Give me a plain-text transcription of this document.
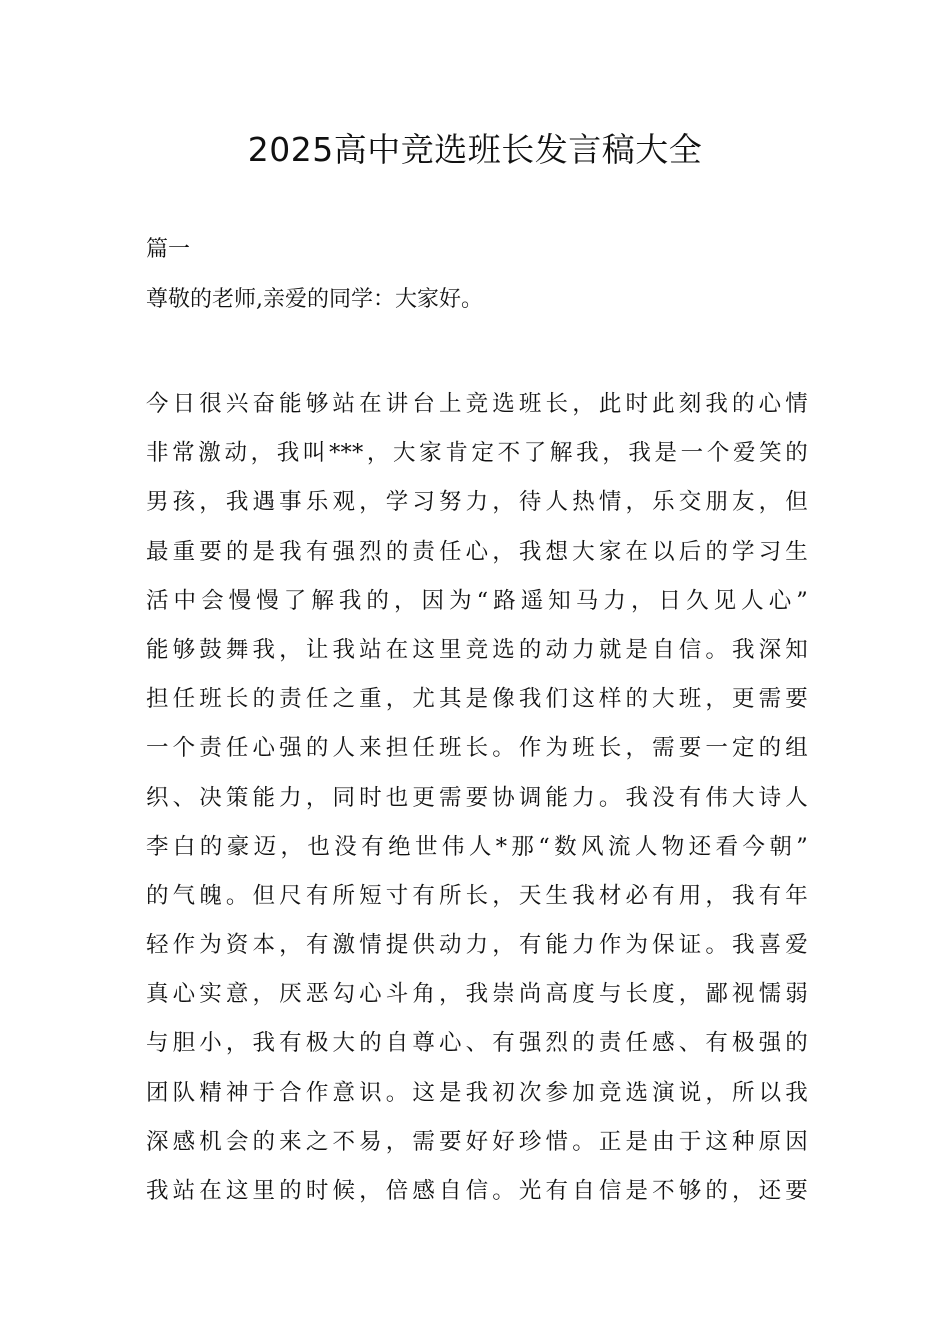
2025高中竞选班长发言稿大全
篇一
尊敬的老师,亲爱的同学：大家好。
今日很兴奋能够站在讲台上竞选班长，此时此刻我的心情
非常激动，我叫***，大家肯定不了解我，我是一个爱笑的
男孩，我遇事乐观，学习努力，待人热情，乐交朋友，但
最重要的是我有强烈的责任心，我想大家在以后的学习生
活中会慢慢了解我的，因为“路遥知马力，日久见人心”
能够鼓舞我，让我站在这里竞选的动力就是自信。我深知
担任班长的责任之重，尤其是像我们这样的大班，更需要
一个责任心强的人来担任班长。作为班长，需要一定的组
织、决策能力，同时也更需要协调能力。我没有伟大诗人
李白的豪迈，也没有绝世伟人*那“数风流人物还看今朝”
的气魄。但尺有所短寸有所长，天生我材必有用，我有年
轻作为资本，有激情提供动力，有能力作为保证。我喜爱
真心实意，厌恶勾心斗角，我崇尚高度与长度，鄙视懦弱
与胆小，我有极大的自尊心、有强烈的责任感、有极强的
团队精神于合作意识。这是我初次参加竞选演说，所以我
深感机会的来之不易，需要好好珍惜。正是由于这种原因
我站在这里的时候，倍感自信。光有自信是不够的，还要
